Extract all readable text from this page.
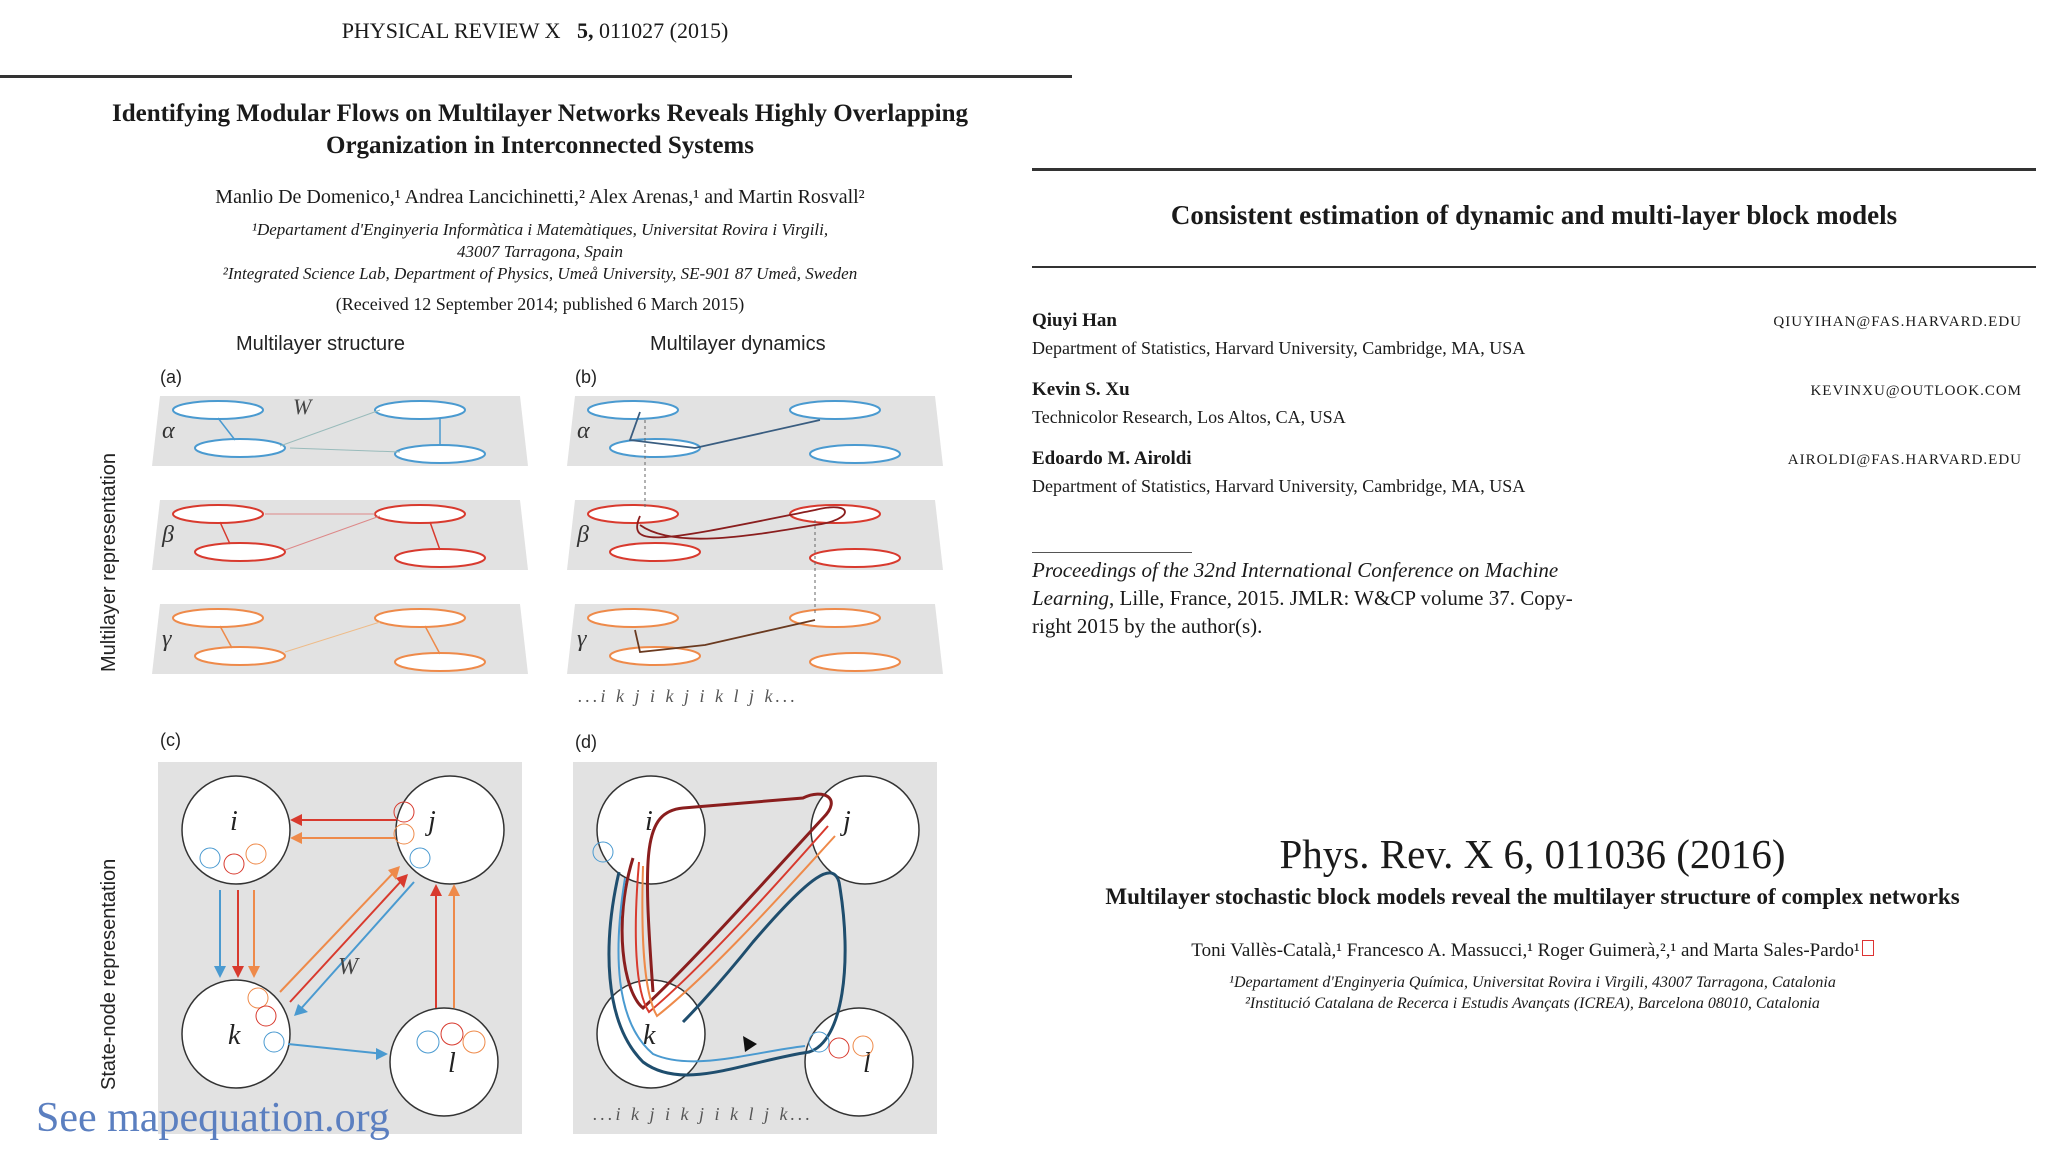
PHYSICAL REVIEW X 5, 011027 (2015)
Identifying Modular Flows on Multilayer Networks Reveals Highly Overlapping
Organization in Interconnected Systems
Manlio De Domenico,¹ Andrea Lancichinetti,² Alex Arenas,¹ and Martin Rosvall²
¹Departament d'Enginyeria Informàtica i Matemàtiques, Universitat Rovira i Virgili,
43007 Tarragona, Spain
²Integrated Science Lab, Department of Physics, Umeå University, SE-901 87 Umeå, Sweden
(Received 12 September 2014; published 6 March 2015)
Multilayer structure	Multilayer dynamics
Multilayer representation
State-node representation
(a)	(b)
(c)	(d)
...i k j i k j i k l j k...
α
W
β
γ
α
β
γ
i	j
k
l
W
i	j
k
l
...i k j i k j i k l j k...
See mapequation.org
Consistent estimation of dynamic and multi-layer block models
Qiuyi Han
Department of Statistics, Harvard University, Cambridge, MA, USA
QIUYIHAN@FAS.HARVARD.EDU
Kevin S. Xu
Technicolor Research, Los Altos, CA, USA
KEVINXU@OUTLOOK.COM
Edoardo M. Airoldi
Department of Statistics, Harvard University, Cambridge, MA, USA
AIROLDI@FAS.HARVARD.EDU
Proceedings of the 32nd International Conference on Machine
Learning, Lille, France, 2015. JMLR: W&CP volume 37. Copy-
right 2015 by the author(s).
Phys. Rev. X 6, 011036 (2016)
Multilayer stochastic block models reveal the multilayer structure of complex networks
Toni Vallès-Català,¹ Francesco A. Massucci,¹ Roger Guimerà,²,¹ and Marta Sales-Pardo¹
¹Departament d'Enginyeria Química, Universitat Rovira i Virgili, 43007 Tarragona, Catalonia
²Institució Catalana de Recerca i Estudis Avançats (ICREA), Barcelona 08010, Catalonia
